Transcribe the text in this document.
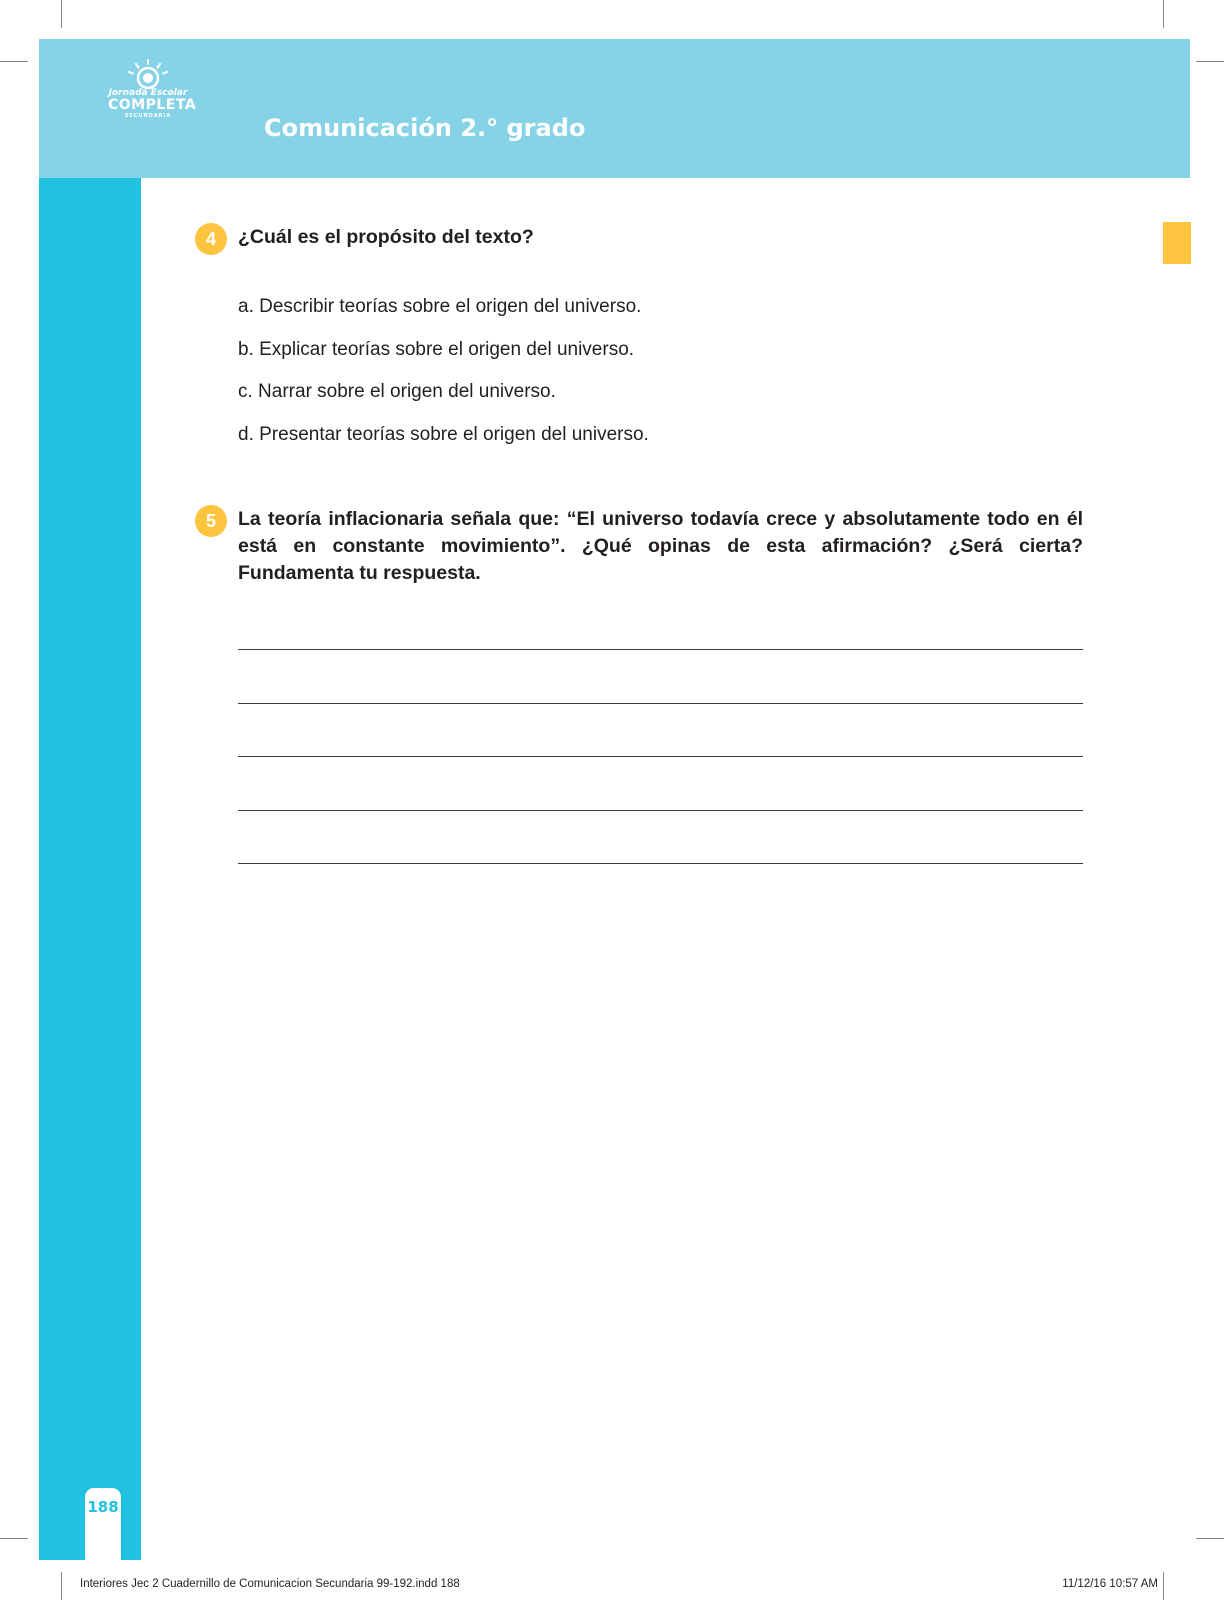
Jornada Escolar
COMPLETA
SECUNDARIA	Comunicación 2.° grado
188
4	¿Cuál es el propósito del texto?
a. Describir teorías sobre el origen del universo.
b. Explicar teorías sobre el origen del universo.
c. Narrar sobre el origen del universo.
d. Presentar teorías sobre el origen del universo.
5	La teoría inflacionaria señala que: “El universo todavía crece y absolutamente todo en él está en constante movimiento”. ¿Qué opinas de esta afirmación? ¿Será cierta? Fundamenta tu respuesta.
Interiores Jec 2 Cuadernillo de Comunicacion Secundaria 99-192.indd 188	11/12/16 10:57 AM
